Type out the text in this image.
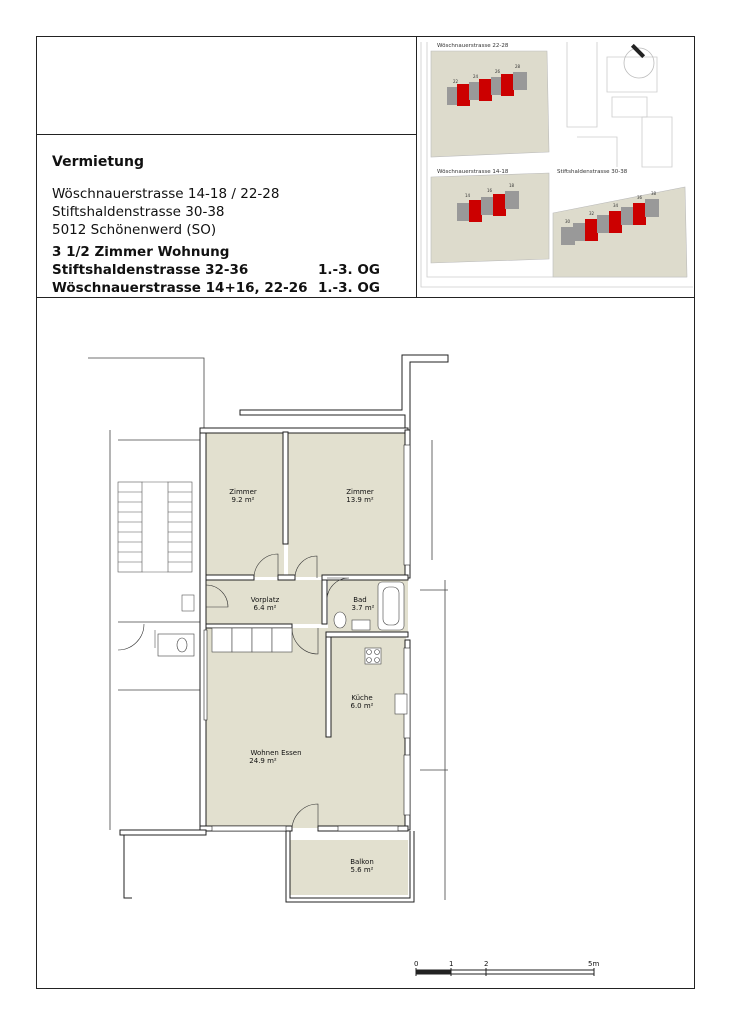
Vermietung
Wöschnauerstrasse 14-18 / 22-28
Stiftshaldenstrasse 30-38
5012 Schönenwerd (SO)
3 1/2 Zimmer Wohnung
Stiftshaldenstrasse 32-36	1.-3. OG
Wöschnauerstrasse 14+16, 22-26 1.-3. OG
22
24
26
28
14
16
18
30
32
34
36
38
Wöschnauerstrasse 22-28
Wöschnauerstrasse 14-18	Stiftshaldenstrasse 30-38
Zimmer
9.2 m²
Zimmer
13.9 m²
Vorplatz
6.4 m²
Bad
3.7 m²
Küche
6.0 m²
Wohnen Essen
24.9 m²
Balkon
5.6 m²
0	1	2	5m
